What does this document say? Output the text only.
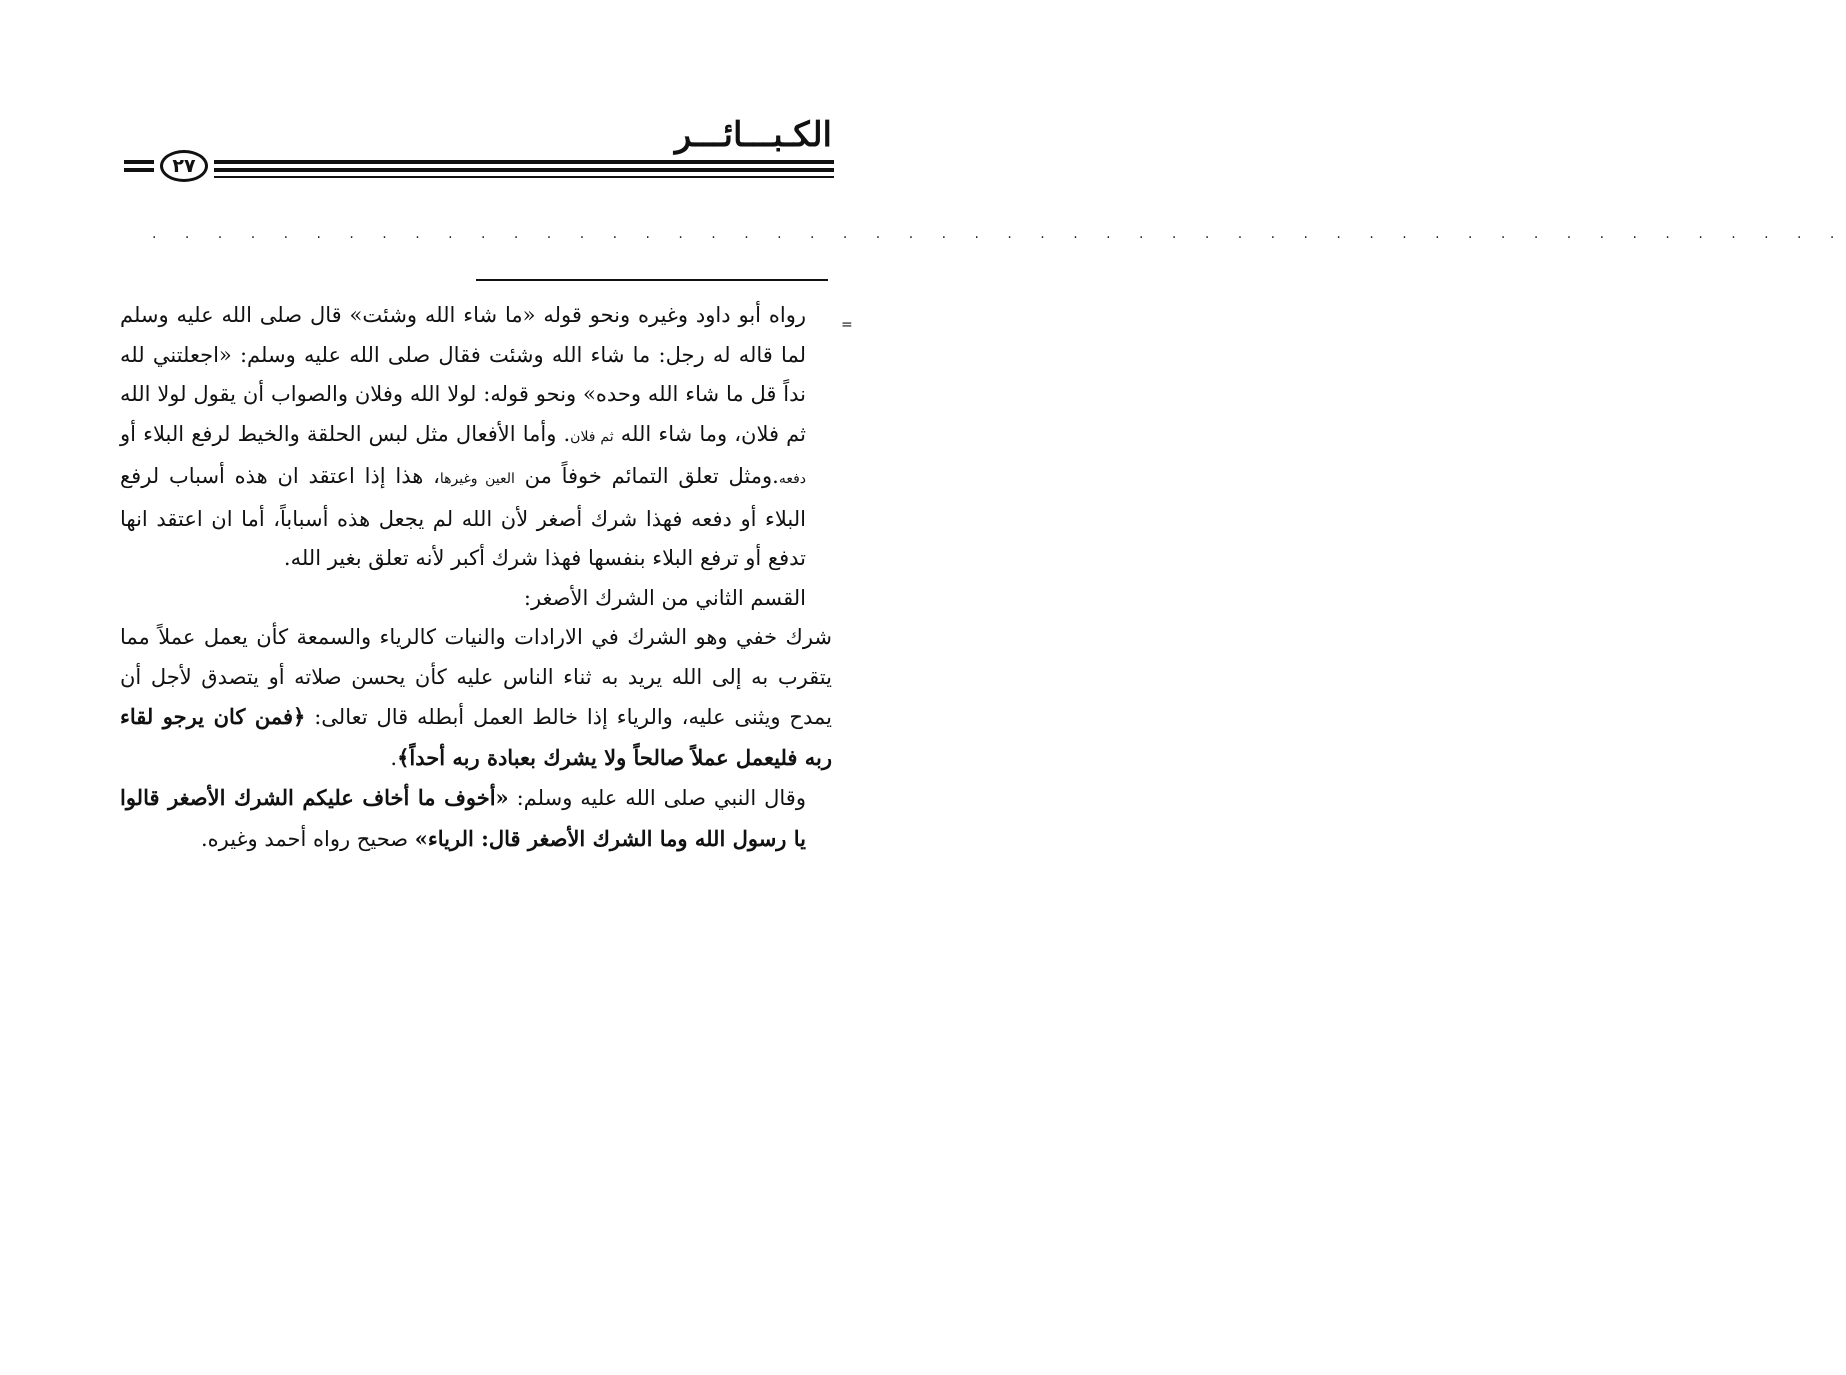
الكـبـــائـــر
٢٧
. . . . . . . . . . . . . . . . . . . . . . . . . . . . . . . . . . . . . . . . . . . . . . . . . . . .
=

رواه أبو داود وغيره ونحو قوله «ما شاء الله وشئت» قال صلى الله عليه وسلم لما قاله له رجل: ما شاء الله وشئت فقال صلى الله عليه وسلم: «اجعلتني لله نداً قل ما شاء الله وحده» ونحو قوله: لولا الله وفلان والصواب أن يقول لولا الله ثم فلان، وما شاء الله ثم فلان. وأما الأفعال مثل لبس الحلقة والخيط لرفع البلاء أو دفعه.ومثل تعلق التمائم خوفاً من العين وغيرها، هذا إذا اعتقد ان هذه أسباب لرفع البلاء أو دفعه فهذا شرك أصغر لأن الله لم يجعل هذه أسباباً، أما ان اعتقد انها تدفع أو ترفع البلاء بنفسها فهذا شرك أكبر لأنه تعلق بغير الله.

القسم الثاني من الشرك الأصغر:

شرك خفي وهو الشرك في الارادات والنيات كالرياء والسمعة كأن يعمل عملاً مما يتقرب به إلى الله يريد به ثناء الناس عليه كأن يحسن صلاته أو يتصدق لأجل أن يمدح ويثنى عليه، والرياء إذا خالط العمل أبطله قال تعالى: ﴿فمن كان يرجو لقاء ربه فليعمل عملاً صالحاً ولا يشرك بعبادة ربه أحداً﴾.

وقال النبي صلى الله عليه وسلم: «أخوف ما أخاف عليكم الشرك الأصغر قالوا يا رسول الله وما الشرك الأصغر قال: الرياء» صحيح رواه أحمد وغيره.
